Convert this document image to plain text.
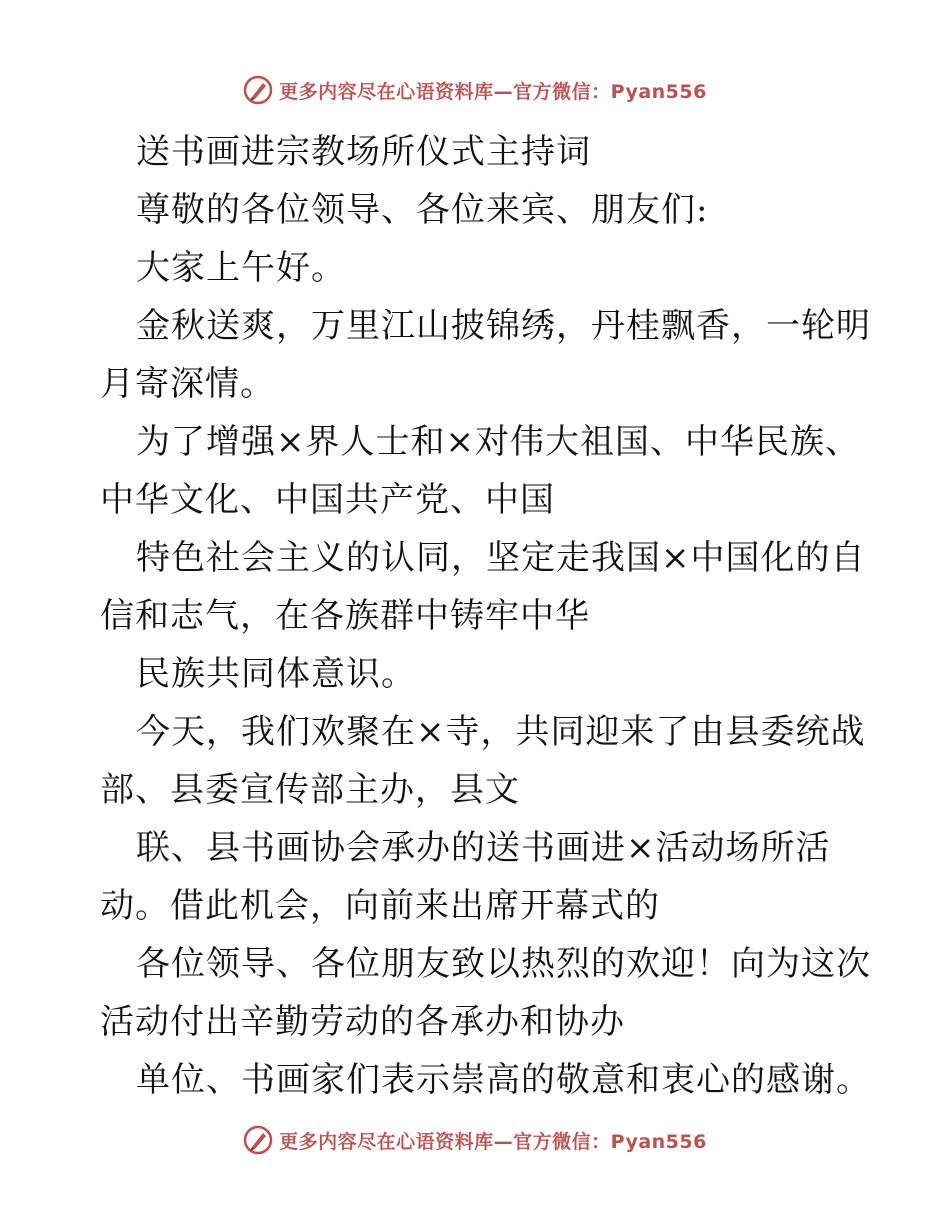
更多内容尽在心语资料库—官方微信：Pyan556

送书画进宗教场所仪式主持词

尊敬的各位领导、各位来宾、朋友们:

大家上午好。

金秋送爽，万里江山披锦绣，丹桂飘香，一轮明

月寄深情。

为了增强×界人士和×对伟大祖国、中华民族、

中华文化、中国共产党、中国

特色社会主义的认同，坚定走我国×中国化的自

信和志气，在各族群中铸牢中华

民族共同体意识。

今天，我们欢聚在×寺，共同迎来了由县委统战

部、县委宣传部主办，县文

联、县书画协会承办的送书画进×活动场所活

动。借此机会，向前来出席开幕式的

各位领导、各位朋友致以热烈的欢迎！向为这次

活动付出辛勤劳动的各承办和协办

单位、书画家们表示崇高的敬意和衷心的感谢。

更多内容尽在心语资料库—官方微信：Pyan556
